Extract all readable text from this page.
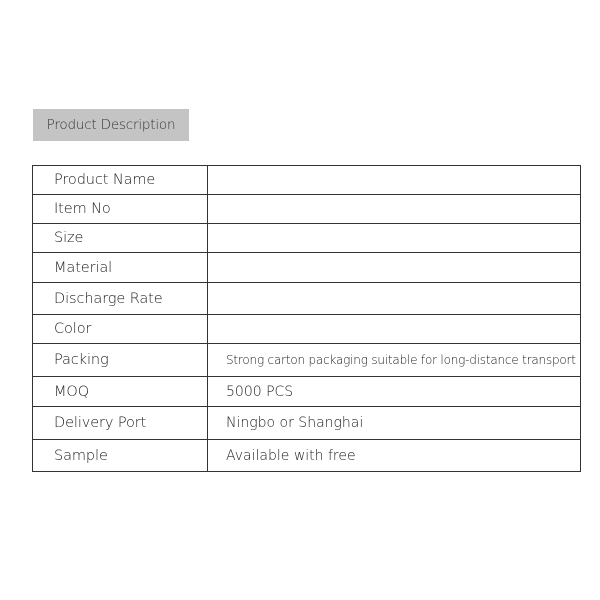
Product Description
Product Name	
Item No	
Size	
Material	
Discharge Rate	
Color	
Packing	Strong carton packaging suitable for long-distance transport
MOQ	5000 PCS
Delivery Port	Ningbo or Shanghai
Sample	Available with free
